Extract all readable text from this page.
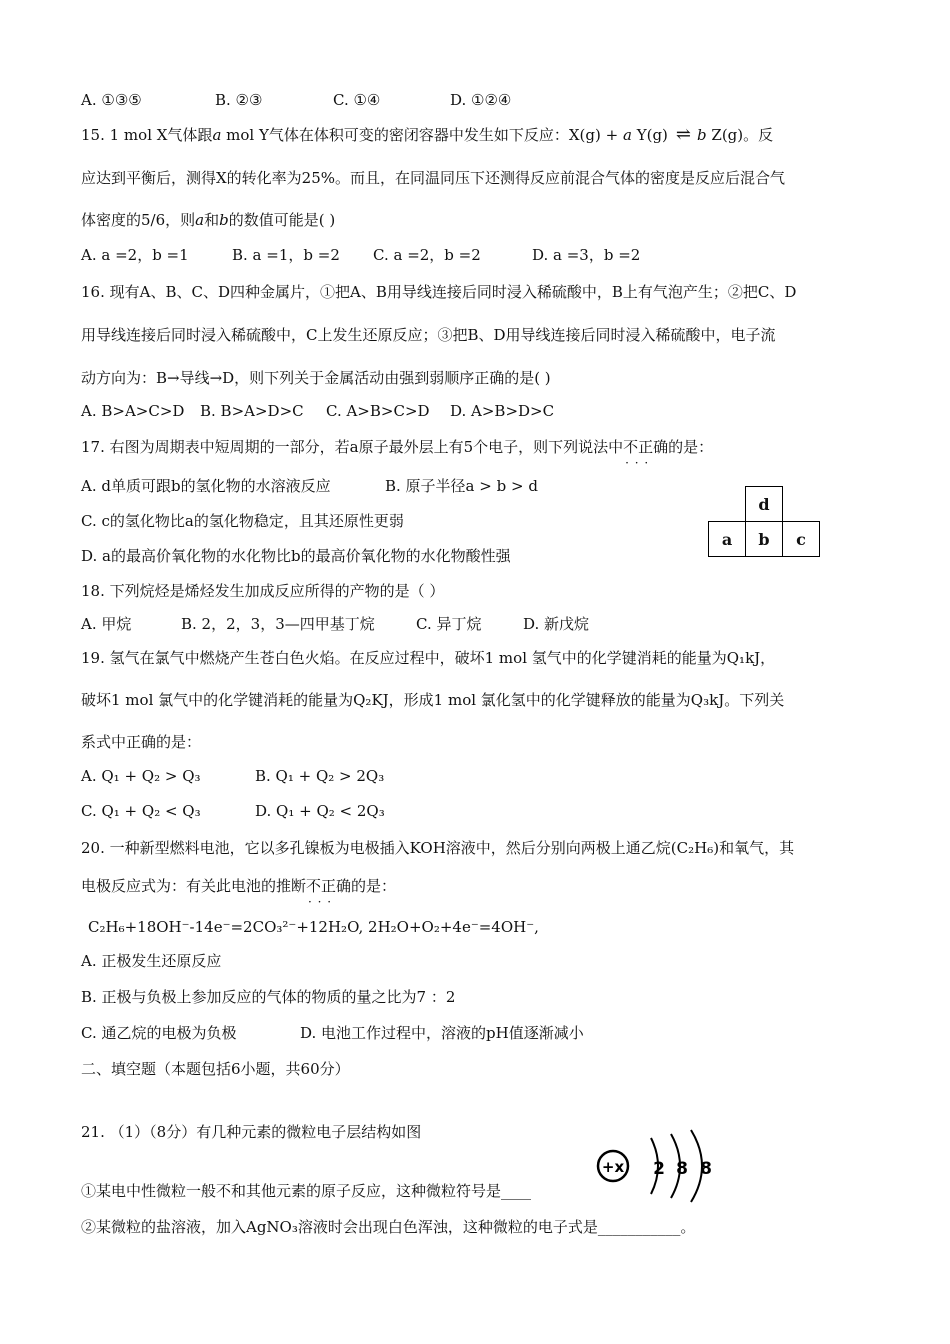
A. ①③⑤	B. ②③	C. ①④	D. ①②④
15. 1 mol X气体跟a mol Y气体在体积可变的密闭容器中发生如下反应：X(g) + a Y(g) ⇌ b Z(g)。反
应达到平衡后，测得X的转化率为25%。而且，在同温同压下还测得反应前混合气体的密度是反应后混合气
体密度的5/6，则a和b的数值可能是( )
A. a =2，b =1	B. a =1，b =2 C. a =2，b =2	D. a =3，b =2
16. 现有A、B、C、D四种金属片，①把A、B用导线连接后同时浸入稀硫酸中，B上有气泡产生；②把C、D
用导线连接后同时浸入稀硫酸中，C上发生还原反应；③把B、D用导线连接后同时浸入稀硫酸中，电子流
动方向为：B→导线→D，则下列关于金属活动由强到弱顺序正确的是( )
A. B>A>C>D B. B>A>D>C C. A>B>C>D D. A>B>D>C
17. 右图为周期表中短周期的一部分，若a原子最外层上有5个电子，则下列说法中不正确 · · ·的是：
A. d单质可跟b的氢化物的水溶液反应	B. 原子半径a > b > d
C. c的氢化物比a的氢化物稳定，且其还原性更弱
D. a的最高价氧化物的水化物比b的最高价氧化物的水化物酸性强
	d	
a	b	c
18. 下列烷烃是烯烃发生加成反应所得的产物的是（ ）
A. 甲烷	B. 2，2，3，3—四甲基丁烷	C. 异丁烷	D. 新戊烷
19. 氢气在氯气中燃烧产生苍白色火焰。在反应过程中，破坏1 mol 氢气中的化学键消耗的能量为Q₁kJ，
破坏1 mol 氯气中的化学键消耗的能量为Q₂KJ，形成1 mol 氯化氢中的化学键释放的能量为Q₃kJ。下列关
系式中正确的是：
A. Q₁ + Q₂ > Q₃	B. Q₁ + Q₂ > 2Q₃
C. Q₁ + Q₂ < Q₃	D. Q₁ + Q₂ < 2Q₃
20. 一种新型燃料电池，它以多孔镍板为电极插入KOH溶液中，然后分别向两极上通乙烷(C₂H₆)和氧气，其
电极反应式为：有关此电池的推断不正确 · · ·的是：
C₂H₆+18OH⁻-14e⁻=2CO₃²⁻+12H₂O, 2H₂O+O₂+4e⁻=4OH⁻,
A. 正极发生还原反应
B. 正极与负极上参加反应的气体的物质的量之比为7 ：2
C. 通乙烷的电极为负极	D. 电池工作过程中，溶液的pH值逐渐减小
二、填空题（本题包括6小题，共60分）
21. （1）（8分）有几种元素的微粒电子层结构如图
①某电中性微粒一般不和其他元素的原子反应，这种微粒符号是____
②某微粒的盐溶液，加入AgNO₃溶液时会出现白色浑浊，这种微粒的电子式是___________。
+x 2 8 8
